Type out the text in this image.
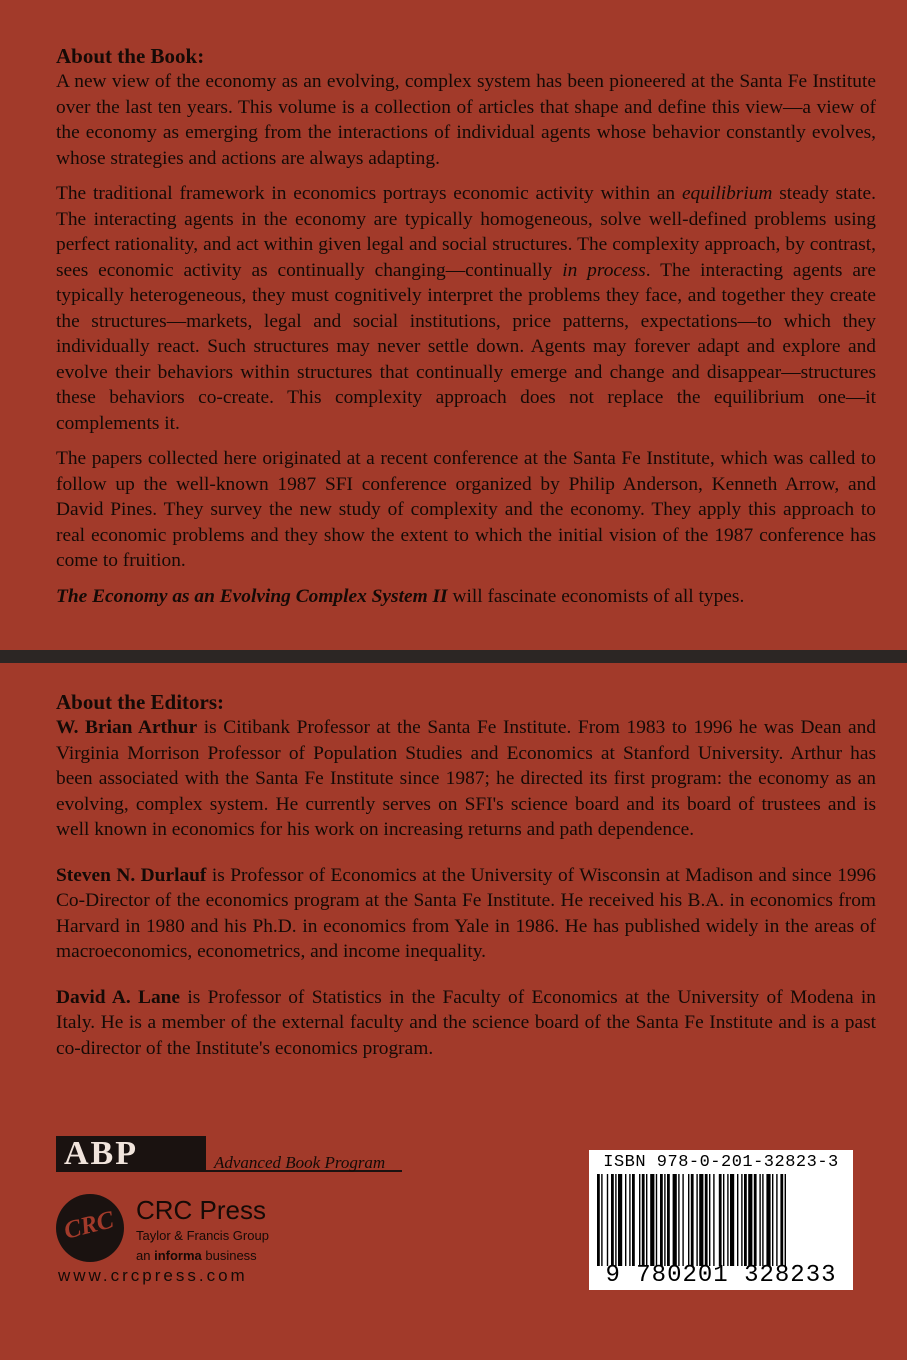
About the Book:

A new view of the economy as an evolving, complex system has been pioneered at the Santa Fe Institute over the last ten years. This volume is a collection of articles that shape and define this view—a view of the economy as emerging from the interactions of individual agents whose behavior constantly evolves, whose strategies and actions are always adapting.

The traditional framework in economics portrays economic activity within an equilibrium steady state. The interacting agents in the economy are typically homogeneous, solve well-defined problems using perfect rationality, and act within given legal and social structures. The complexity approach, by contrast, sees economic activity as continually changing—continually in process. The interacting agents are typically heterogeneous, they must cognitively interpret the problems they face, and together they create the structures—markets, legal and social institutions, price patterns, expectations—to which they individually react. Such structures may never settle down. Agents may forever adapt and explore and evolve their behaviors within structures that continually emerge and change and disappear—structures these behaviors co-create. This complexity approach does not replace the equilibrium one—it complements it.

The papers collected here originated at a recent conference at the Santa Fe Institute, which was called to follow up the well-known 1987 SFI conference organized by Philip Anderson, Kenneth Arrow, and David Pines. They survey the new study of complexity and the economy. They apply this approach to real economic problems and they show the extent to which the initial vision of the 1987 conference has come to fruition.

The Economy as an Evolving Complex System II will fascinate economists of all types.

About the Editors:

W. Brian Arthur is Citibank Professor at the Santa Fe Institute. From 1983 to 1996 he was Dean and Virginia Morrison Professor of Population Studies and Economics at Stanford University. Arthur has been associated with the Santa Fe Institute since 1987; he directed its first program: the economy as an evolving, complex system. He currently serves on SFI's science board and its board of trustees and is well known in economics for his work on increasing returns and path dependence.

Steven N. Durlauf is Professor of Economics at the University of Wisconsin at Madison and since 1996 Co-Director of the economics program at the Santa Fe Institute. He received his B.A. in economics from Harvard in 1980 and his Ph.D. in economics from Yale in 1986. He has published widely in the areas of macroeconomics, econometrics, and income inequality.

David A. Lane is Professor of Statistics in the Faculty of Economics at the University of Modena in Italy. He is a member of the external faculty and the science board of the Santa Fe Institute and is a past co-director of the Institute's economics program.

ABP	Advanced Book Program
CRC CRC Press
Taylor & Francis Group
an informa business
www.crcpress.com
ISBN 978-0-201-32823-3
9 780201 328233
